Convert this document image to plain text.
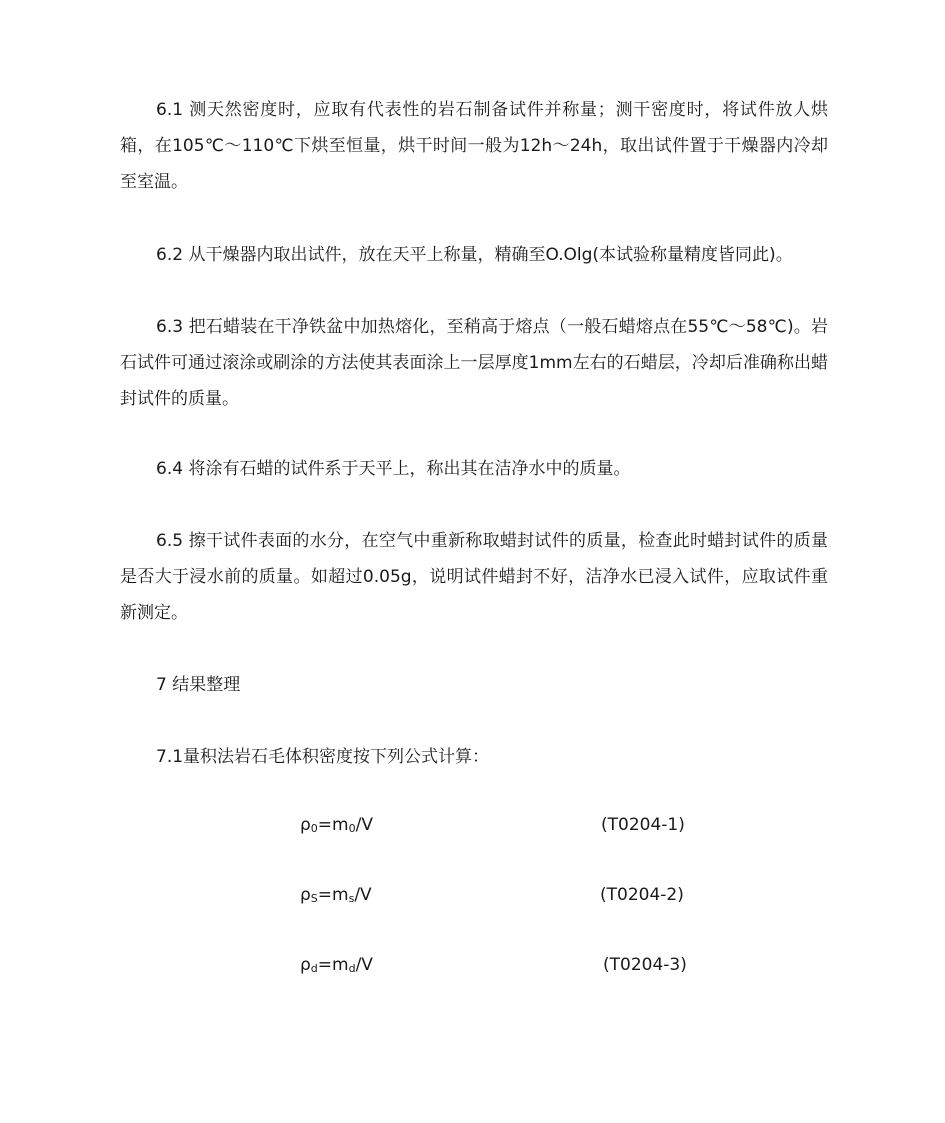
6.1 测天然密度时，应取有代表性的岩石制备试件并称量；测干密度时，将试件放人烘箱，在105℃～110℃下烘至恒量，烘干时间一般为12h～24h，取出试件置于干燥器内冷却至室温。

6.2 从干燥器内取出试件，放在天平上称量，精确至O.Olg(本试验称量精度皆同此)。

6.3 把石蜡装在干净铁盆中加热熔化，至稍高于熔点（一般石蜡熔点在55℃～58℃)。岩石试件可通过滚涂或刷涂的方法使其表面涂上一层厚度1mm左右的石蜡层，冷却后准确称出蜡封试件的质量。

6.4 将涂有石蜡的试件系于天平上，称出其在洁净水中的质量。

6.5 擦干试件表面的水分，在空气中重新称取蜡封试件的质量，检查此时蜡封试件的质量是否大于浸水前的质量。如超过0.05g，说明试件蜡封不好，洁净水已浸入试件，应取试件重新测定。

7 结果整理

7.1量积法岩石毛体积密度按下列公式计算：

$\rho_0=m_0/V$	(T0204-1)
$\rho_S=m_s/V$	(T0204-2)
$\rho_d=m_d/V$	(T0204-3)
